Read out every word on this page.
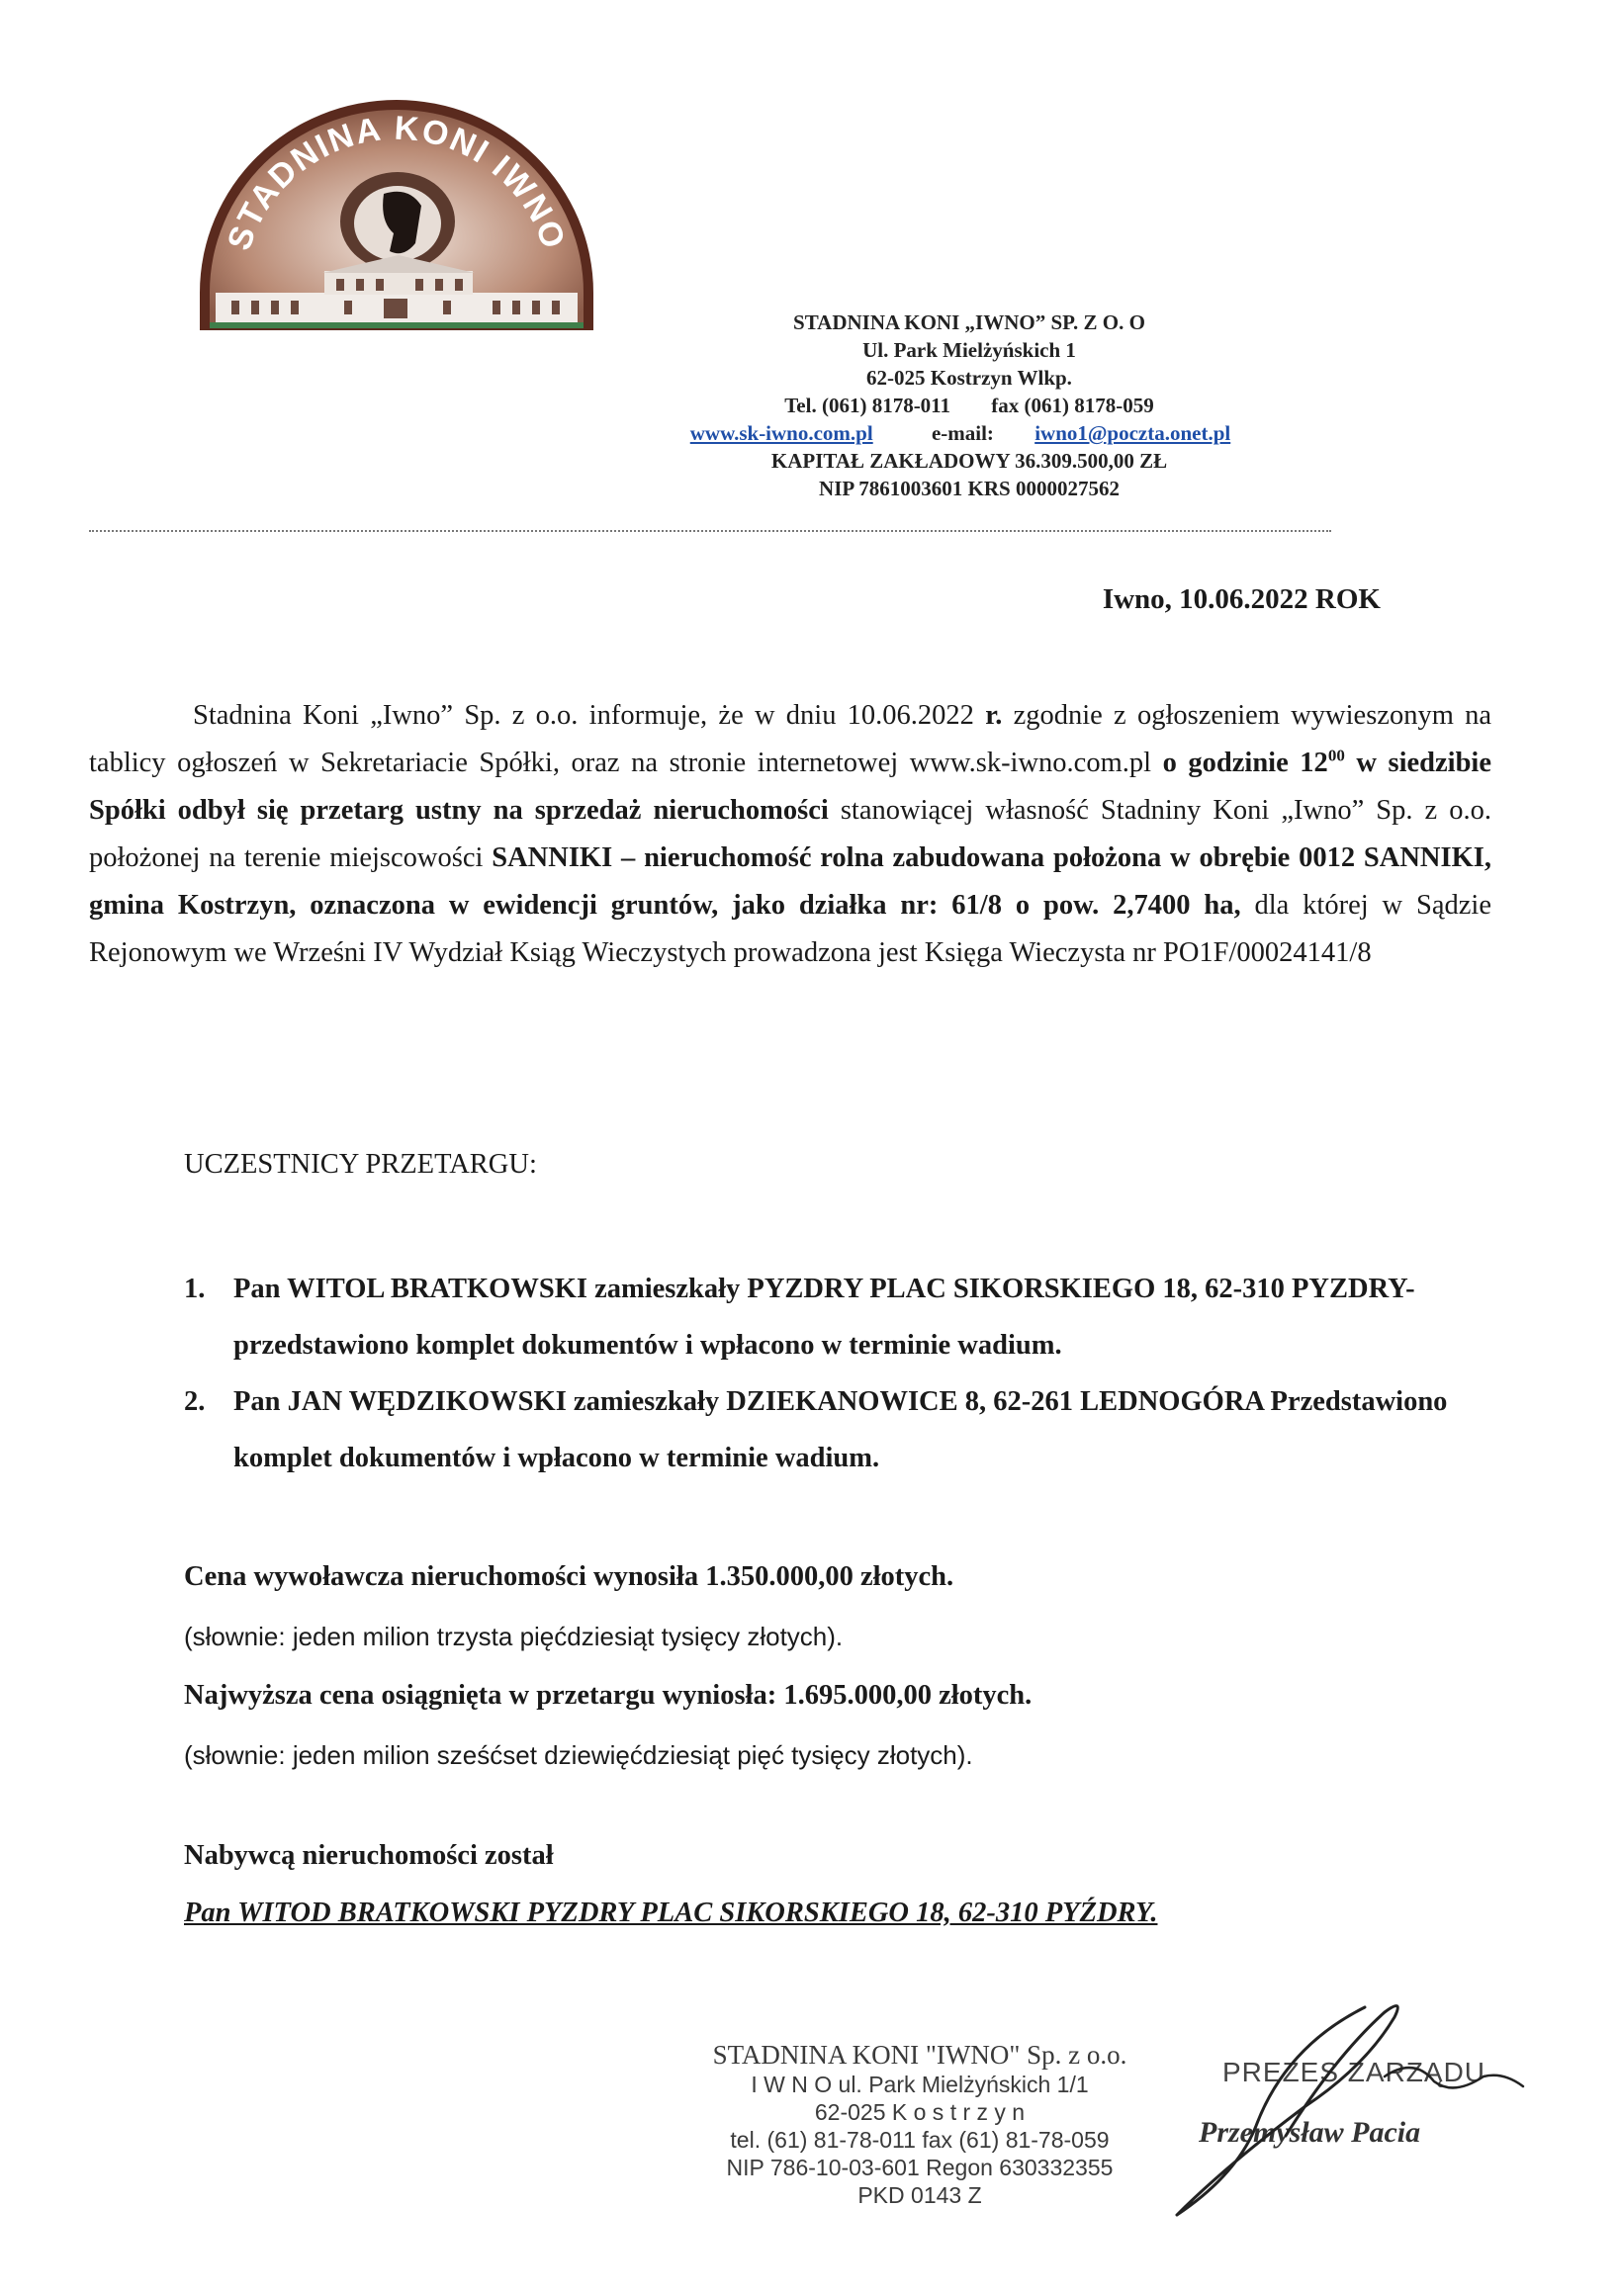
STADNINA KONI IWNO
STADNINA KONI „IWNO” SP. Z O. O
Ul. Park Mielżyńskich 1
62-025 Kostrzyn Wlkp.
Tel. (061) 8178-011 fax (061) 8178-059
www.sk-iwno.com.pl	e-mail: iwno1@poczta.onet.pl
KAPITAŁ ZAKŁADOWY 36.309.500,00 ZŁ
NIP 7861003601 KRS 0000027562
Iwno, 10.06.2022 ROK

Stadnina Koni „Iwno” Sp. z o.o. informuje, że w dniu 10.06.2022 r. zgodnie z ogłoszeniem wywieszonym na tablicy ogłoszeń w Sekretariacie Spółki, oraz na stronie internetowej www.sk-iwno.com.pl o godzinie $12^{00}$ w siedzibie Spółki odbył się przetarg ustny na sprzedaż nieruchomości stanowiącej własność Stadniny Koni „Iwno” Sp. z o.o. położonej na terenie miejscowości SANNIKI – nieruchomość rolna zabudowana położona w obrębie 0012 SANNIKI, gmina Kostrzyn, oznaczona w ewidencji gruntów, jako działka nr: 61/8 o pow. 2,7400 ha, dla której w Sądzie Rejonowym we Wrześni IV Wydział Ksiąg Wieczystych prowadzona jest Księga Wieczysta nr PO1F/00024141/8

UCZESTNICY PRZETARGU:
1.	Pan WITOL BRATKOWSKI zamieszkały PYZDRY PLAC SIKORSKIEGO 18, 62-310 PYZDRY- przedstawiono komplet dokumentów i wpłacono w terminie wadium.
2.	Pan JAN WĘDZIKOWSKI zamieszkały DZIEKANOWICE 8, 62-261 LEDNOGÓRA Przedstawiono komplet dokumentów i wpłacono w terminie wadium.
Cena wywoławcza nieruchomości wynosiła 1.350.000,00 złotych.
(słownie: jeden milion trzysta pięćdziesiąt tysięcy złotych).
Najwyższa cena osiągnięta w przetargu wyniosła: 1.695.000,00 złotych.
(słownie: jeden milion sześćset dziewięćdziesiąt pięć tysięcy złotych).
Nabywcą nieruchomości został
Pan WITOD BRATKOWSKI PYZDRY PLAC SIKORSKIEGO 18, 62-310 PYŹDRY.
STADNINA KONI "IWNO" Sp. z o.o.
I W N O ul. Park Mielżyńskich 1/1
62-025 K o s t r z y n
tel. (61) 81-78-011 fax (61) 81-78-059
NIP 786-10-03-601 Regon 630332355
PKD 0143 Z
PREZES ZARZĄDU
Przemysław Pacia
